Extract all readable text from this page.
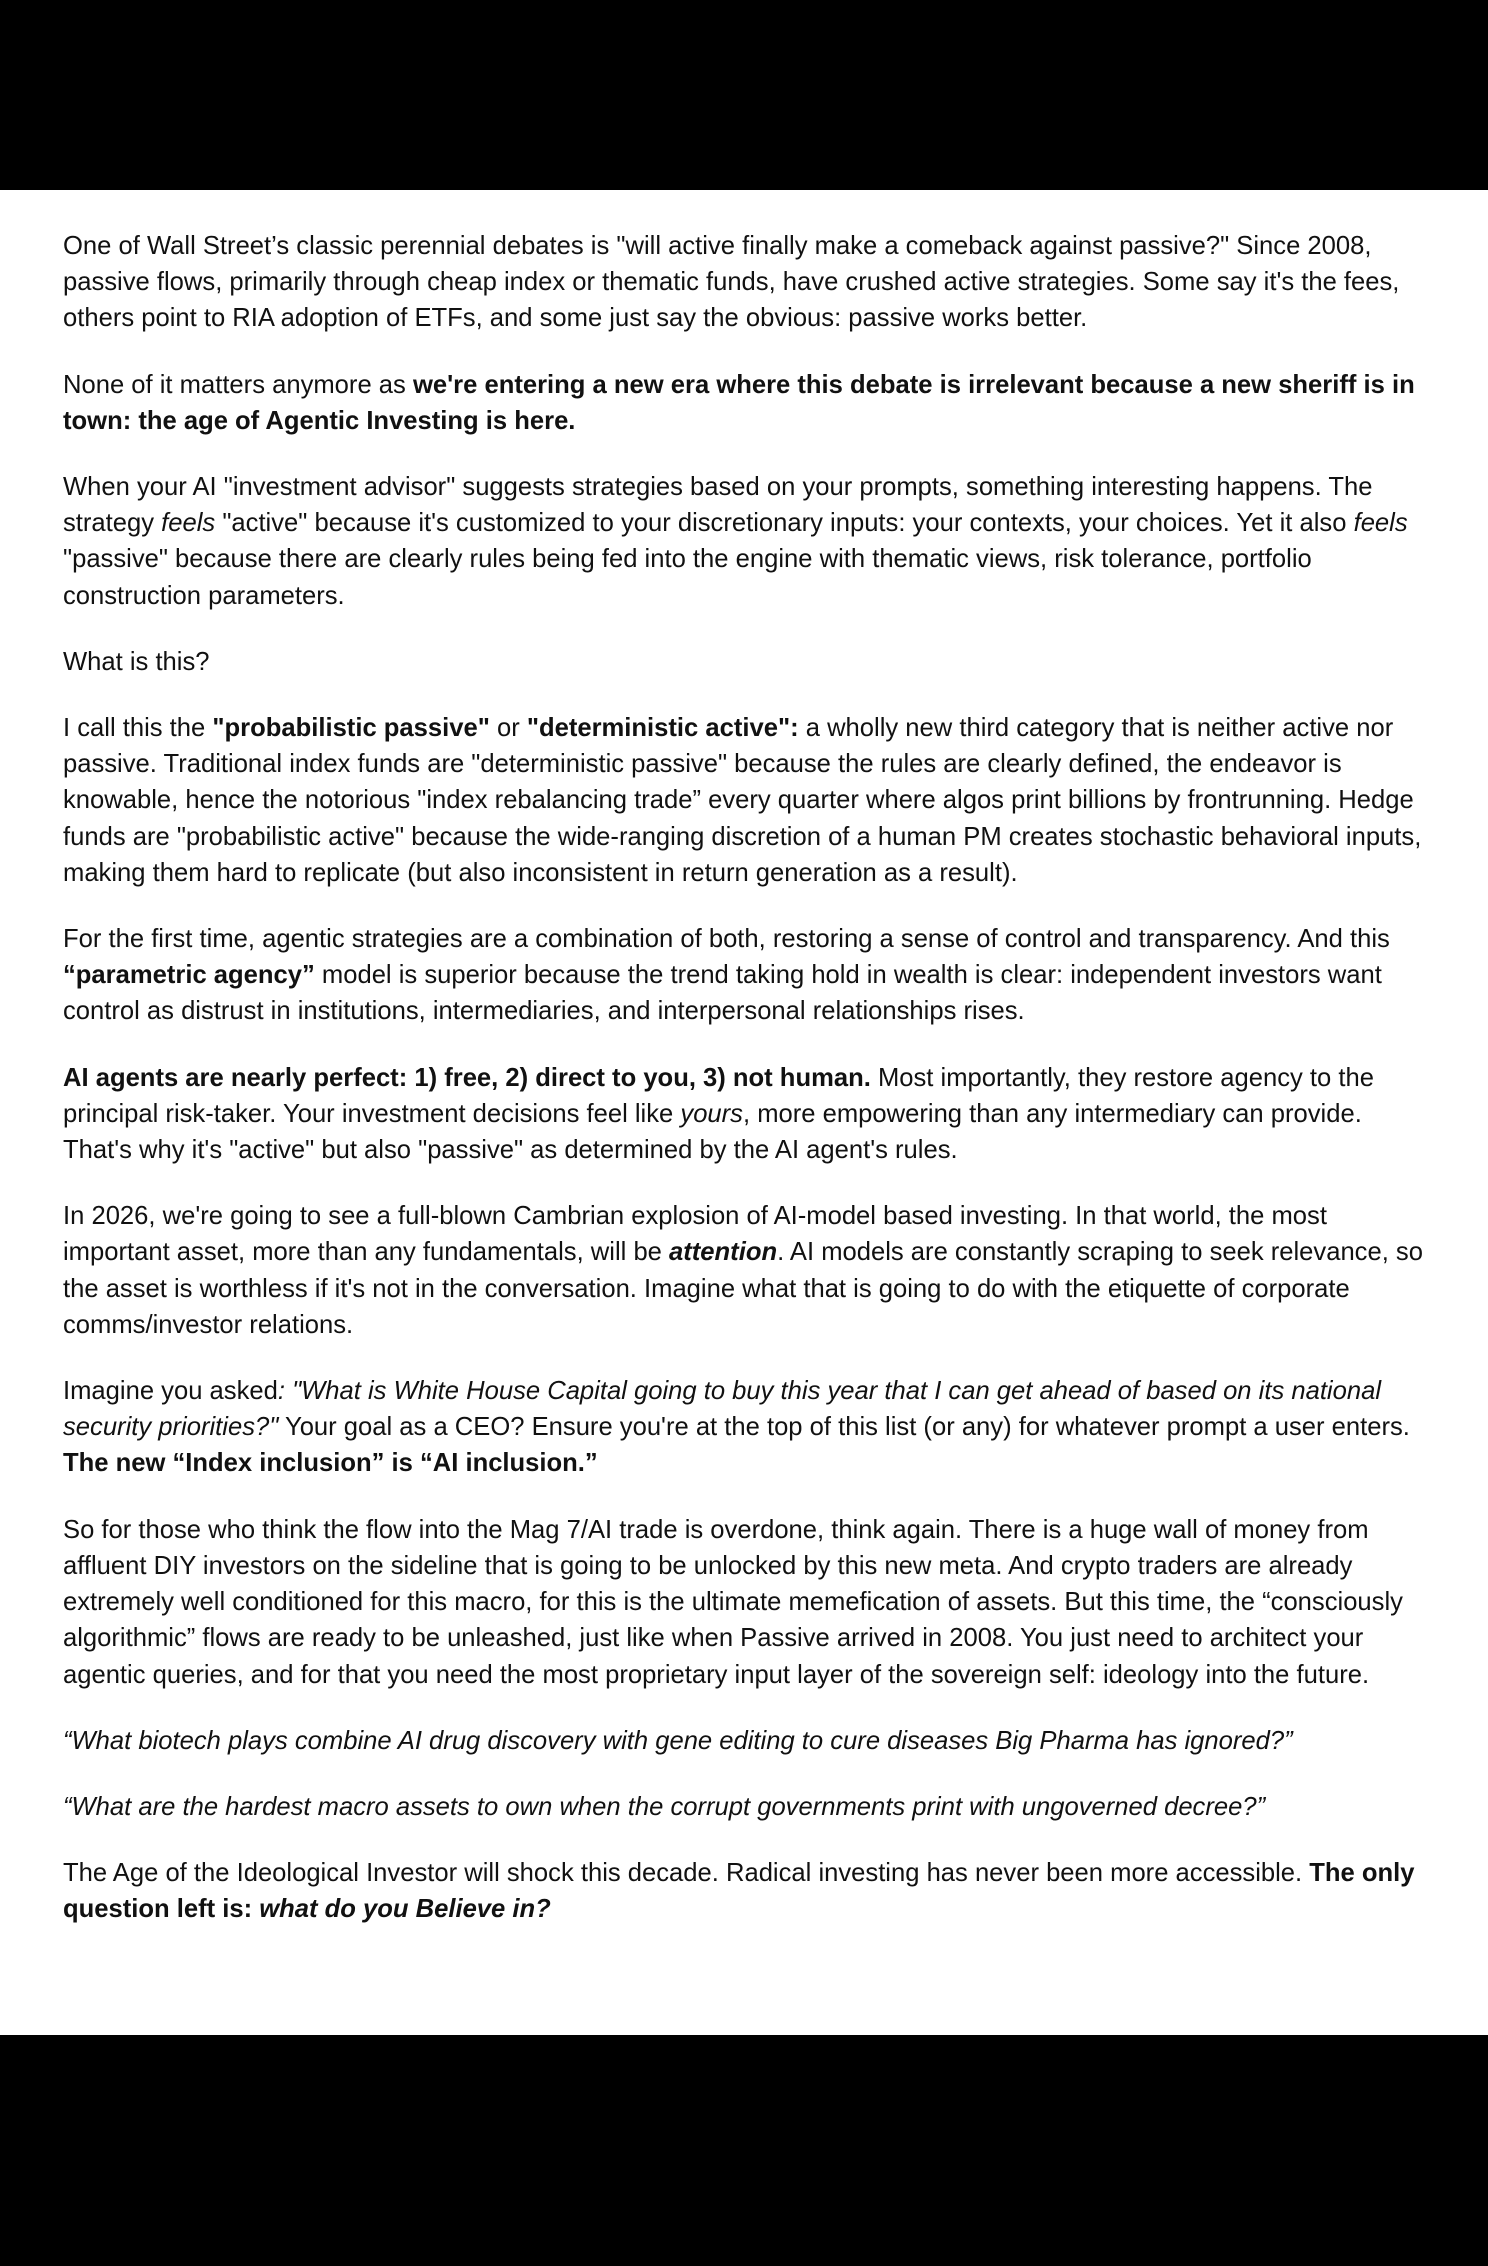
One of Wall Street’s classic perennial debates is "will active finally make a comeback against passive?" Since 2008, passive flows, primarily through cheap index or thematic funds, have crushed active strategies. Some say it's the fees, others point to RIA adoption of ETFs, and some just say the obvious: passive works better.

None of it matters anymore as we're entering a new era where this debate is irrelevant because a new sheriff is in town: the age of Agentic Investing is here.

When your AI "investment advisor" suggests strategies based on your prompts, something interesting happens. The strategy feels "active" because it's customized to your discretionary inputs: your contexts, your choices. Yet it also feels "passive" because there are clearly rules being fed into the engine with thematic views, risk tolerance, portfolio construction parameters.

What is this?

I call this the "probabilistic passive" or "deterministic active": a wholly new third category that is neither active nor passive. Traditional index funds are "deterministic passive" because the rules are clearly defined, the endeavor is knowable, hence the notorious "index rebalancing trade” every quarter where algos print billions by frontrunning. Hedge funds are "probabilistic active" because the wide-ranging discretion of a human PM creates stochastic behavioral inputs, making them hard to replicate (but also inconsistent in return generation as a result).

For the first time, agentic strategies are a combination of both, restoring a sense of control and transparency. And this “parametric agency” model is superior because the trend taking hold in wealth is clear: independent investors want control as distrust in institutions, intermediaries, and interpersonal relationships rises.

AI agents are nearly perfect: 1) free, 2) direct to you, 3) not human. Most importantly, they restore agency to the principal risk-taker. Your investment decisions feel like yours, more empowering than any intermediary can provide. That's why it's "active" but also "passive" as determined by the AI agent's rules.

In 2026, we're going to see a full-blown Cambrian explosion of AI-model based investing. In that world, the most important asset, more than any fundamentals, will be attention. AI models are constantly scraping to seek relevance, so the asset is worthless if it's not in the conversation. Imagine what that is going to do with the etiquette of corporate comms/investor relations.

Imagine you asked: "What is White House Capital going to buy this year that I can get ahead of based on its national security priorities?" Your goal as a CEO? Ensure you're at the top of this list (or any) for whatever prompt a user enters. The new “Index inclusion” is “AI inclusion.”

So for those who think the flow into the Mag 7/AI trade is overdone, think again. There is a huge wall of money from affluent DIY investors on the sideline that is going to be unlocked by this new meta. And crypto traders are already extremely well conditioned for this macro, for this is the ultimate memefication of assets. But this time, the “consciously algorithmic” flows are ready to be unleashed, just like when Passive arrived in 2008. You just need to architect your agentic queries, and for that you need the most proprietary input layer of the sovereign self: ideology into the future.

“What biotech plays combine AI drug discovery with gene editing to cure diseases Big Pharma has ignored?”

“What are the hardest macro assets to own when the corrupt governments print with ungoverned decree?”

The Age of the Ideological Investor will shock this decade. Radical investing has never been more accessible. The only question left is: what do you Believe in?
